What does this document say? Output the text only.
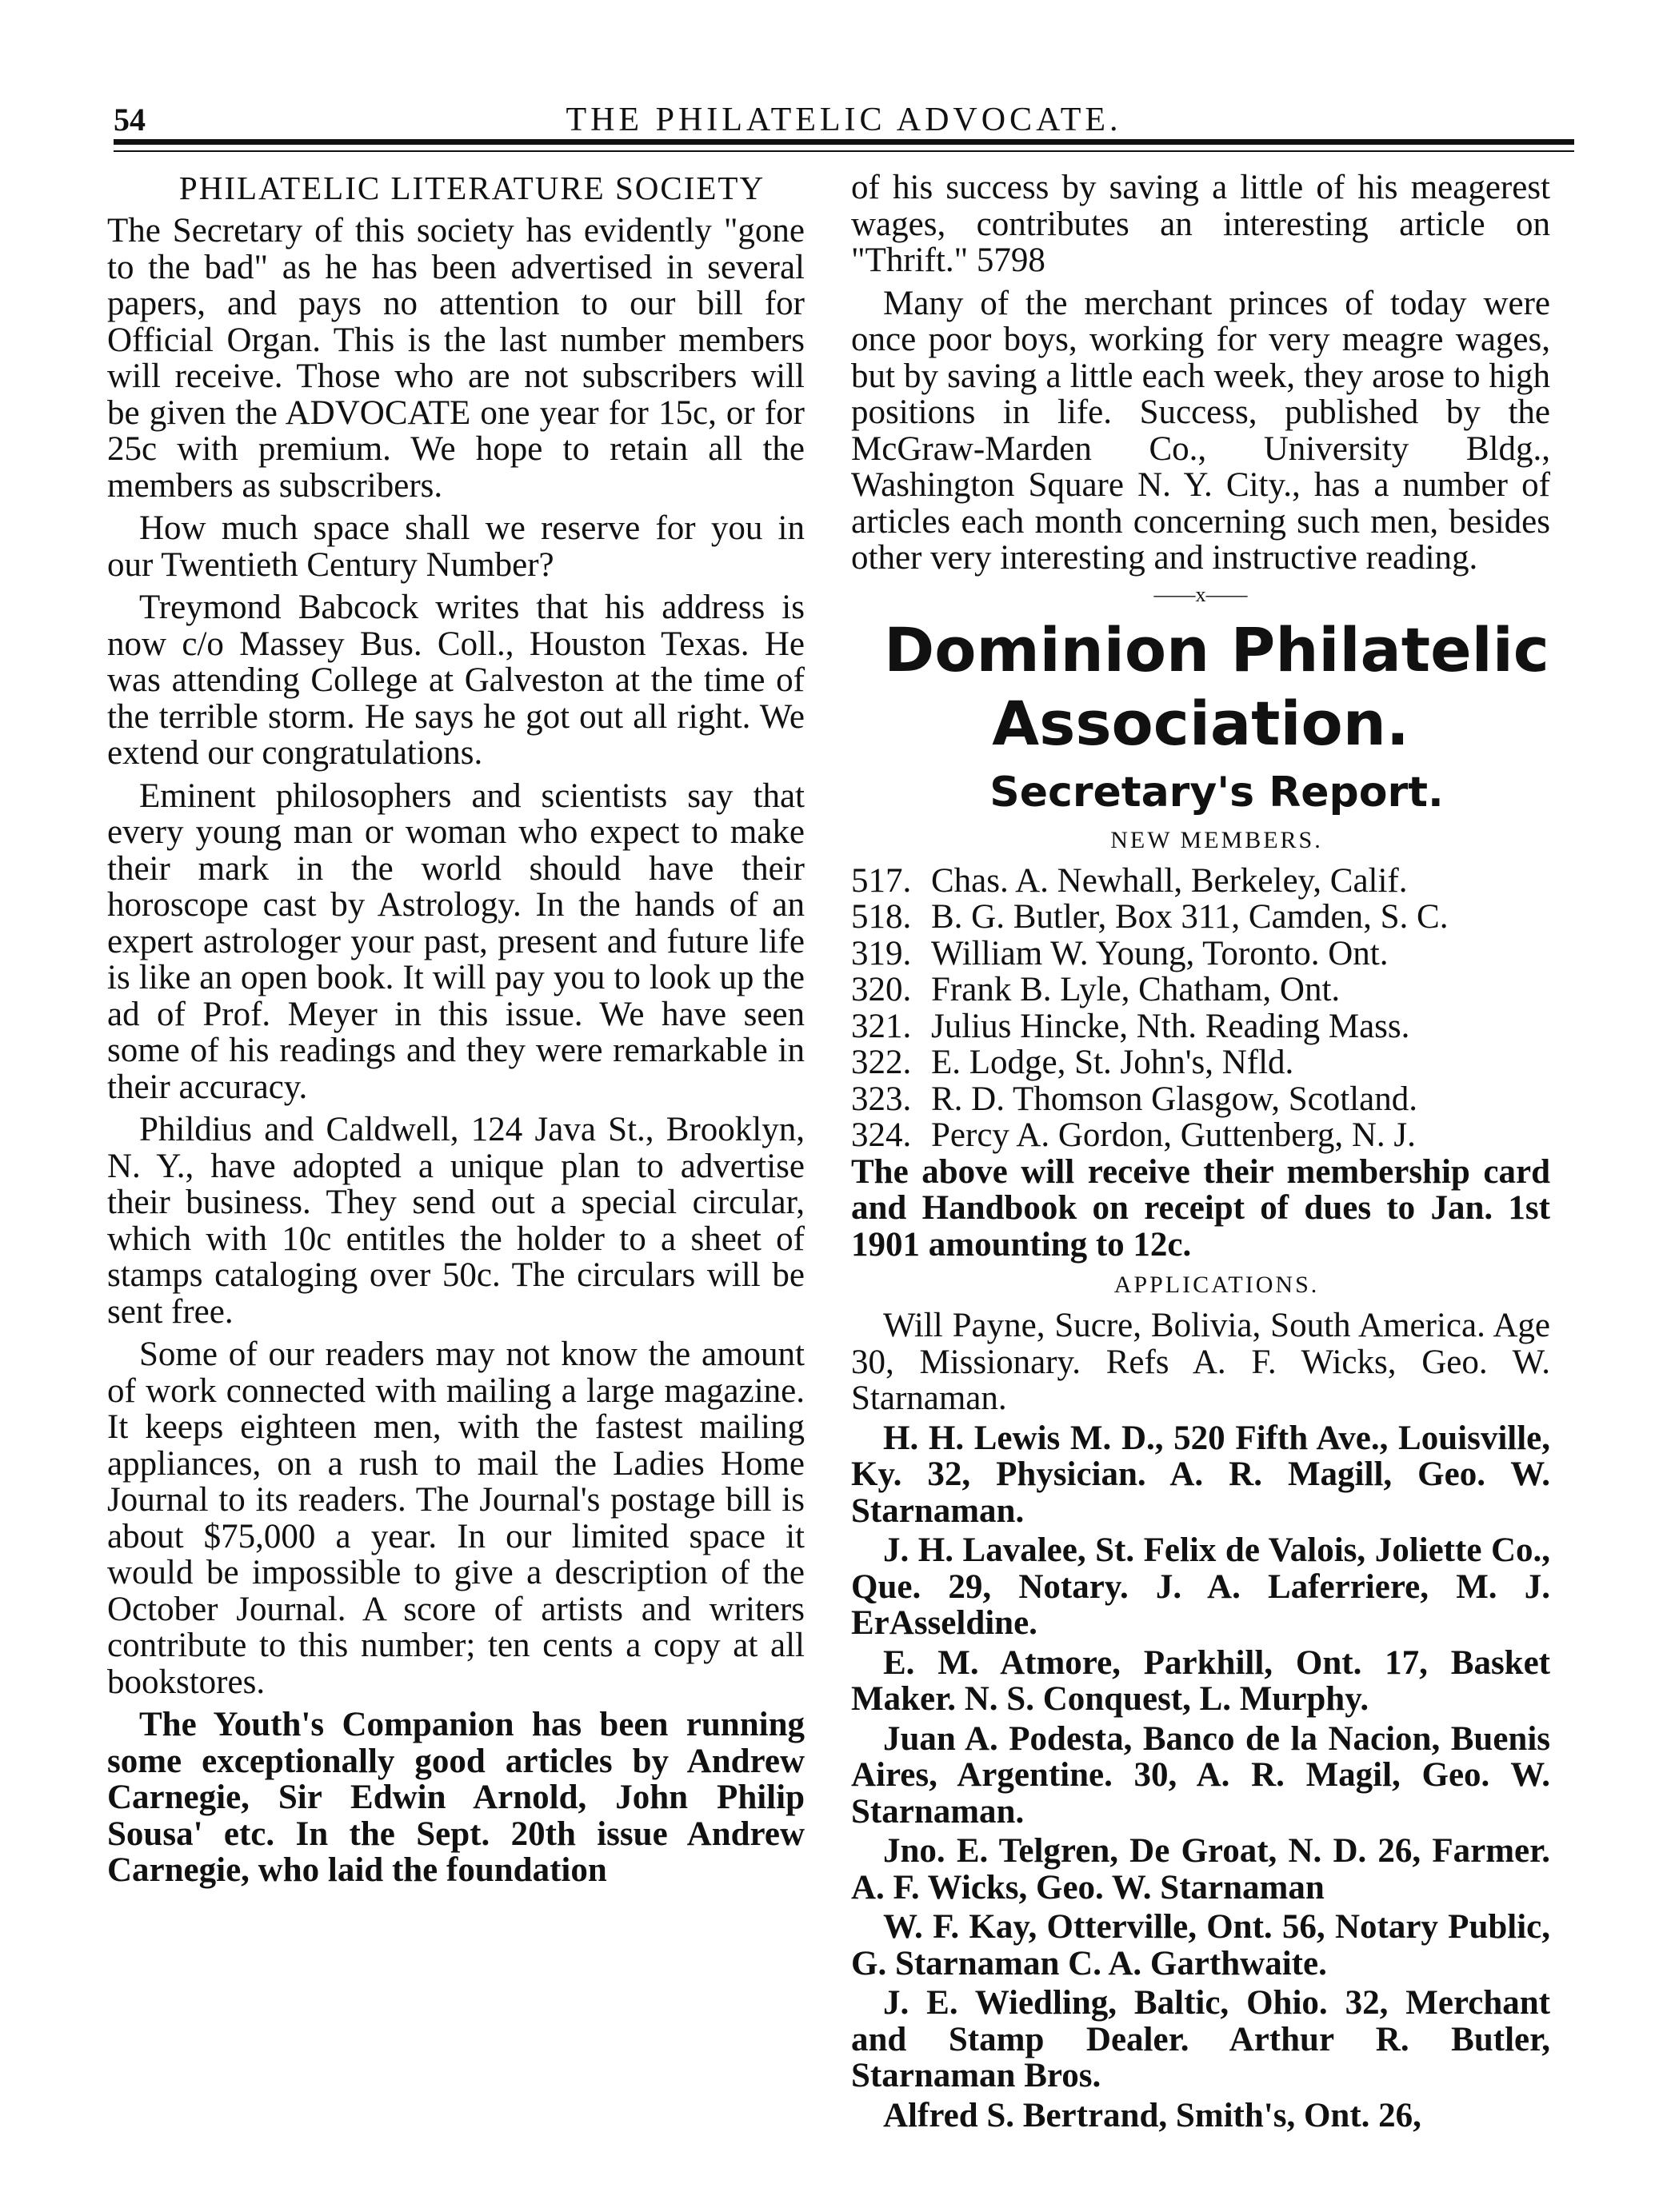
54	THE PHILATELIC ADVOCATE.

PHILATELIC LITERATURE SOCIETY

The Secretary of this society has evidently "gone to the bad" as he has been advertised in several papers, and pays no attention to our bill for Official Organ. This is the last number members will receive. Those who are not subscribers will be given the ADVOCATE one year for 15c, or for 25c with premium. We hope to retain all the members as subscribers.

How much space shall we reserve for you in our Twentieth Century Number?

Treymond Babcock writes that his address is now c/o Massey Bus. Coll., Houston Texas. He was attending College at Galveston at the time of the terrible storm. He says he got out all right. We extend our congratulations.

Eminent philosophers and scientists say that every young man or woman who expect to make their mark in the world should have their horoscope cast by Astrology. In the hands of an expert astrologer your past, present and future life is like an open book. It will pay you to look up the ad of Prof. Meyer in this issue. We have seen some of his readings and they were remarkable in their accuracy.

Phildius and Caldwell, 124 Java St., Brooklyn, N. Y., have adopted a unique plan to advertise their business. They send out a special circular, which with 10c entitles the holder to a sheet of stamps cataloging over 50c. The circulars will be sent free.

Some of our readers may not know the amount of work connected with mailing a large magazine. It keeps eighteen men, with the fastest mailing appliances, on a rush to mail the Ladies Home Journal to its readers. The Journal's postage bill is about $75,000 a year. In our limited space it would be impossible to give a description of the October Journal. A score of artists and writers contribute to this number; ten cents a copy at all bookstores.

The Youth's Companion has been running some exceptionally good articles by Andrew Carnegie, Sir Edwin Arnold, John Philip Sousa' etc. In the Sept. 20th issue Andrew Carnegie, who laid the foundation

of his success by saving a little of his meagerest wages, contributes an interesting article on "Thrift." 5798

Many of the merchant princes of today were once poor boys, working for very meagre wages, but by saving a little each week, they arose to high positions in life. Success, published by the McGraw-Marden Co., University Bldg., Washington Square N. Y. City., has a number of articles each month concerning such men, besides other very interesting and instructive reading.

——x——

Dominion Philatelic Association.

Secretary's Report.

NEW MEMBERS.

517. Chas. A. Newhall, Berkeley, Calif.
518. B. G. Butler, Box 311, Camden, S. C.
319. William W. Young, Toronto. Ont.
320. Frank B. Lyle, Chatham, Ont.
321. Julius Hincke, Nth. Reading Mass.
322. E. Lodge, St. John's, Nfld.
323. R. D. Thomson Glasgow, Scotland.
324. Percy A. Gordon, Guttenberg, N. J.

The above will receive their membership card and Handbook on receipt of dues to Jan. 1st 1901 amounting to 12c.

APPLICATIONS.

Will Payne, Sucre, Bolivia, South America. Age 30, Missionary. Refs A. F. Wicks, Geo. W. Starnaman.

H. H. Lewis M. D., 520 Fifth Ave., Louisville, Ky. 32, Physician. A. R. Magill, Geo. W. Starnaman.

J. H. Lavalee, St. Felix de Valois, Joliette Co., Que. 29, Notary. J. A. Laferriere, M. J. ErAsseldine.

E. M. Atmore, Parkhill, Ont. 17, Basket Maker. N. S. Conquest, L. Murphy.

Juan A. Podesta, Banco de la Nacion, Buenis Aires, Argentine. 30, A. R. Magil, Geo. W. Starnaman.

Jno. E. Telgren, De Groat, N. D. 26, Farmer. A. F. Wicks, Geo. W. Starnaman

W. F. Kay, Otterville, Ont. 56, Notary Public, G. Starnaman C. A. Garthwaite.

J. E. Wiedling, Baltic, Ohio. 32, Merchant and Stamp Dealer. Arthur R. Butler, Starnaman Bros.

Alfred S. Bertrand, Smith's, Ont. 26,
